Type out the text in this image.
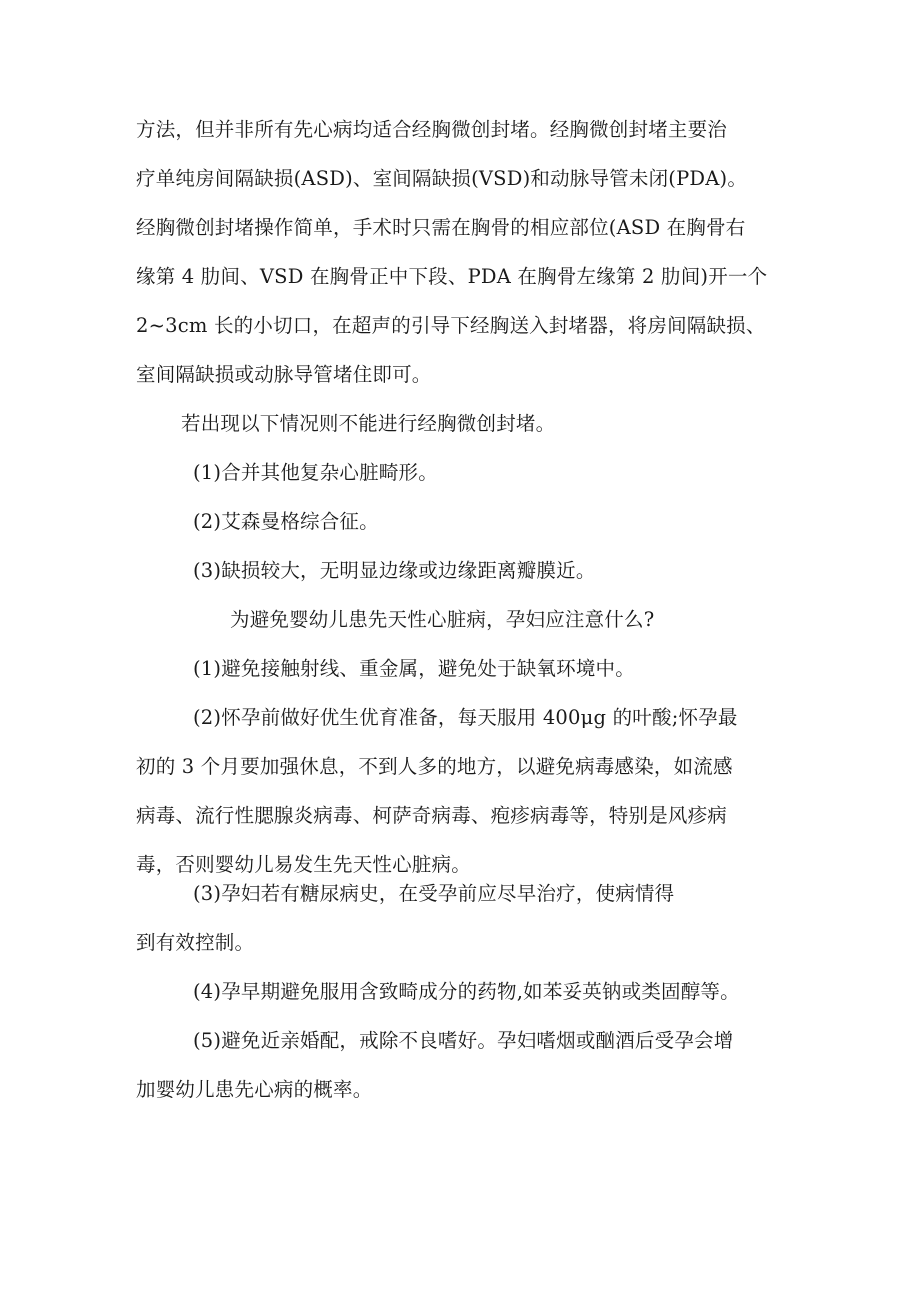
方法，但并非所有先心病均适合经胸微创封堵。经胸微创封堵主要治

疗单纯房间隔缺损(ASD)、室间隔缺损(VSD)和动脉导管未闭(PDA)。

经胸微创封堵操作简单，手术时只需在胸骨的相应部位(ASD 在胸骨右

缘第 4 肋间、VSD 在胸骨正中下段、PDA 在胸骨左缘第 2 肋间)开一个

2~3cm 长的小切口，在超声的引导下经胸送入封堵器，将房间隔缺损、

室间隔缺损或动脉导管堵住即可。

若出现以下情况则不能进行经胸微创封堵。

(1)合并其他复杂心脏畸形。

(2)艾森曼格综合征。

(3)缺损较大，无明显边缘或边缘距离瓣膜近。

为避免婴幼儿患先天性心脏病，孕妇应注意什么?

(1)避免接触射线、重金属，避免处于缺氧环境中。

(2)怀孕前做好优生优育准备，每天服用 400μg 的叶酸;怀孕最

初的 3 个月要加强休息，不到人多的地方，以避免病毒感染，如流感

病毒、流行性腮腺炎病毒、柯萨奇病毒、疱疹病毒等，特别是风疹病

毒，否则婴幼儿易发生先天性心脏病。

(3)孕妇若有糖尿病史，在受孕前应尽早治疗，使病情得

到有效控制。

(4)孕早期避免服用含致畸成分的药物,如苯妥英钠或类固醇等。

(5)避免近亲婚配，戒除不良嗜好。孕妇嗜烟或酗酒后受孕会增

加婴幼儿患先心病的概率。
